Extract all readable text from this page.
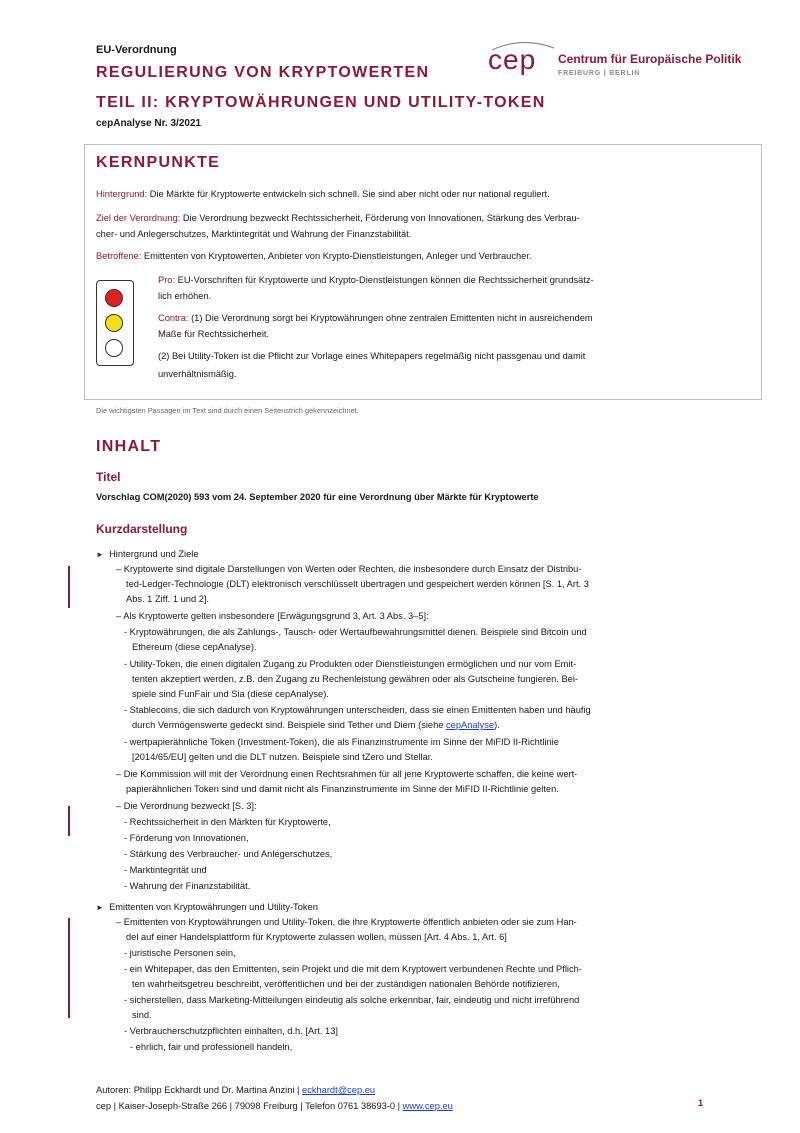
EU-Verordnung
REGULIERUNG VON KRYPTOWERTEN
TEIL II: KRYPTOWÄHRUNGEN UND UTILITY-TOKEN
cepAnalyse Nr. 3/2021
cep Centrum für Europäische Politik
FREIBURG | BERLIN
KERNPUNKTE
Hintergrund: Die Märkte für Kryptowerte entwickeln sich schnell. Sie sind aber nicht oder nur national reguliert.
Ziel der Verordnung: Die Verordnung bezweckt Rechtssicherheit, Förderung von Innovationen, Stärkung des Verbrau-
cher- und Anlegerschutzes, Marktintegrität und Wahrung der Finanzstabilität.
Betroffene: Emittenten von Kryptowerten, Anbieter von Krypto-Dienstleistungen, Anleger und Verbraucher.
Pro: EU-Vorschriften für Kryptowerte und Krypto-Dienstleistungen können die Rechtssicherheit grundsätz-
lich erhöhen.
Contra: (1) Die Verordnung sorgt bei Kryptowährungen ohne zentralen Emittenten nicht in ausreichendem
Maße für Rechtssicherheit.
(2) Bei Utility-Token ist die Pflicht zur Vorlage eines Whitepapers regelmäßig nicht passgenau und damit
unverhältnismäßig.
Die wichtigsten Passagen im Text sind durch einen Seitenstrich gekennzeichnet.
INHALT
Titel
Vorschlag COM(2020) 593 vom 24. September 2020 für eine Verordnung über Märkte für Kryptowerte
Kurzdarstellung
► Hintergrund und Ziele
– Kryptowerte sind digitale Darstellungen von Werten oder Rechten, die insbesondere durch Einsatz der Distribu-
ted-Ledger-Technologie (DLT) elektronisch verschlüsselt übertragen und gespeichert werden können [S. 1, Art. 3
Abs. 1 Ziff. 1 und 2].
– Als Kryptowerte gelten insbesondere [Erwägungsgrund 3, Art. 3 Abs. 3–5]:
- Kryptowährungen, die als Zahlungs-, Tausch- oder Wertaufbewahrungsmittel dienen. Beispiele sind Bitcoin und
Ethereum (diese cepAnalyse).
- Utility-Token, die einen digitalen Zugang zu Produkten oder Dienstleistungen ermöglichen und nur vom Emit-
tenten akzeptiert werden, z.B. den Zugang zu Rechenleistung gewähren oder als Gutscheine fungieren. Bei-
spiele sind FunFair und Sia (diese cepAnalyse).
- Stablecoins, die sich dadurch von Kryptowährungen unterscheiden, dass sie einen Emittenten haben und häufig
durch Vermögenswerte gedeckt sind. Beispiele sind Tether und Diem (siehe cepAnalyse).
- wertpapierähnliche Token (Investment-Token), die als Finanzinstrumente im Sinne der MiFID II-Richtlinie
[2014/65/EU] gelten und die DLT nutzen. Beispiele sind tZero und Stellar.
– Die Kommission will mit der Verordnung einen Rechtsrahmen für all jene Kryptowerte schaffen, die keine wert-
papierähnlichen Token sind und damit nicht als Finanzinstrumente im Sinne der MiFID II-Richtlinie gelten.
– Die Verordnung bezweckt [S. 3]:
- Rechtssicherheit in den Märkten für Kryptowerte,
- Förderung von Innovationen,
- Stärkung des Verbraucher- und Anlegerschutzes,
- Marktintegrität und
- Wahrung der Finanzstabilität.
► Emittenten von Kryptowährungen und Utility-Token
– Emittenten von Kryptowährungen und Utility-Token, die ihre Kryptowerte öffentlich anbieten oder sie zum Han-
del auf einer Handelsplattform für Kryptowerte zulassen wollen, müssen [Art. 4 Abs. 1, Art. 6]
- juristische Personen sein,
- ein Whitepaper, das den Emittenten, sein Projekt und die mit dem Kryptowert verbundenen Rechte und Pflich-
ten wahrheitsgetreu beschreibt, veröffentlichen und bei der zuständigen nationalen Behörde notifizieren,
- sicherstellen, dass Marketing-Mitteilungen eindeutig als solche erkennbar, fair, eindeutig und nicht irreführend
sind.
- Verbraucherschutzpflichten einhalten, d.h. [Art. 13]
- ehrlich, fair und professionell handeln,
Autoren: Philipp Eckhardt und Dr. Martina Anzini | eckhardt@cep.eu
cep | Kaiser-Joseph-Straße 266 | 79098 Freiburg | Telefon 0761 38693-0 | www.cep.eu	1
